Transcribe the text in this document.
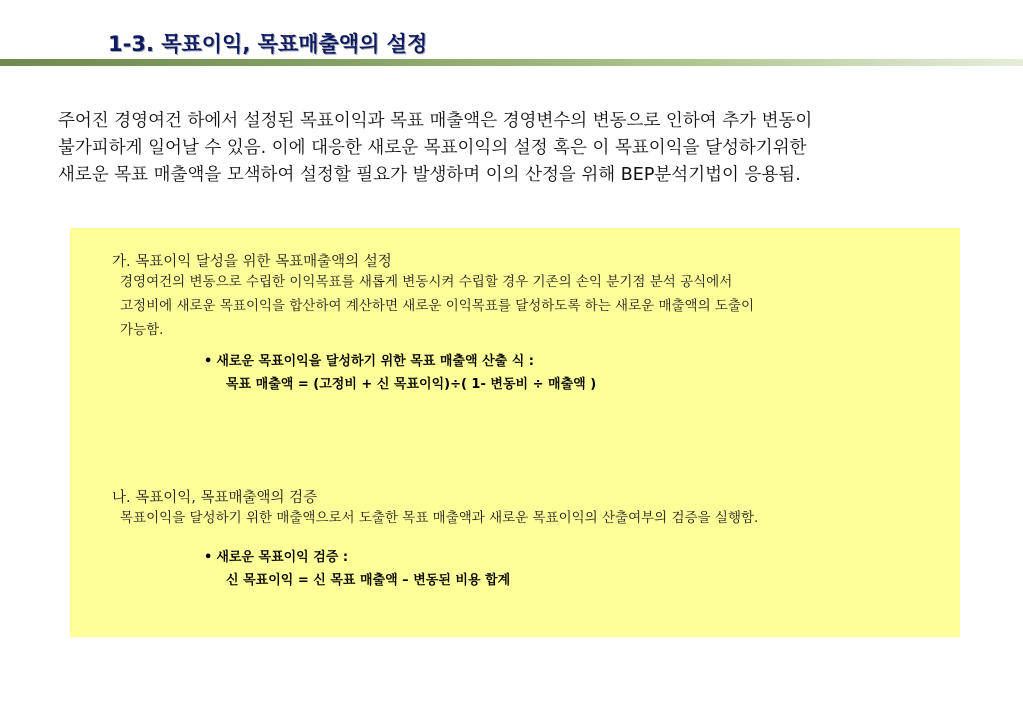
1-3. 목표이익, 목표매출액의 설정
주어진 경영여건 하에서 설정된 목표이익과 목표 매출액은 경영변수의 변동으로 인하여 추가 변동이
불가피하게 일어날 수 있음. 이에 대응한 새로운 목표이익의 설정 혹은 이 목표이익을 달성하기위한
새로운 목표 매출액을 모색하여 설정할 필요가 발생하며 이의 산정을 위해 BEP분석기법이 응용됨.
가. 목표이익 달성을 위한 목표매출액의 설정
경영여건의 변동으로 수립한 이익목표를 새롭게 변동시켜 수립할 경우 기존의 손익 분기점 분석 공식에서
고정비에 새로운 목표이익을 합산하여 계산하면 새로운 이익목표를 달성하도록 하는 새로운 매출액의 도출이
가능함.
• 새로운 목표이익을 달성하기 위한 목표 매출액 산출 식 :
목표 매출액 = (고정비 + 신 목표이익)÷( 1- 변동비 ÷ 매출액 )
나. 목표이익, 목표매출액의 검증
목표이익을 달성하기 위한 매출액으로서 도출한 목표 매출액과 새로운 목표이익의 산출여부의 검증을 실행함.
• 새로운 목표이익 검증 :
신 목표이익 = 신 목표 매출액 – 변동된 비용 합계
